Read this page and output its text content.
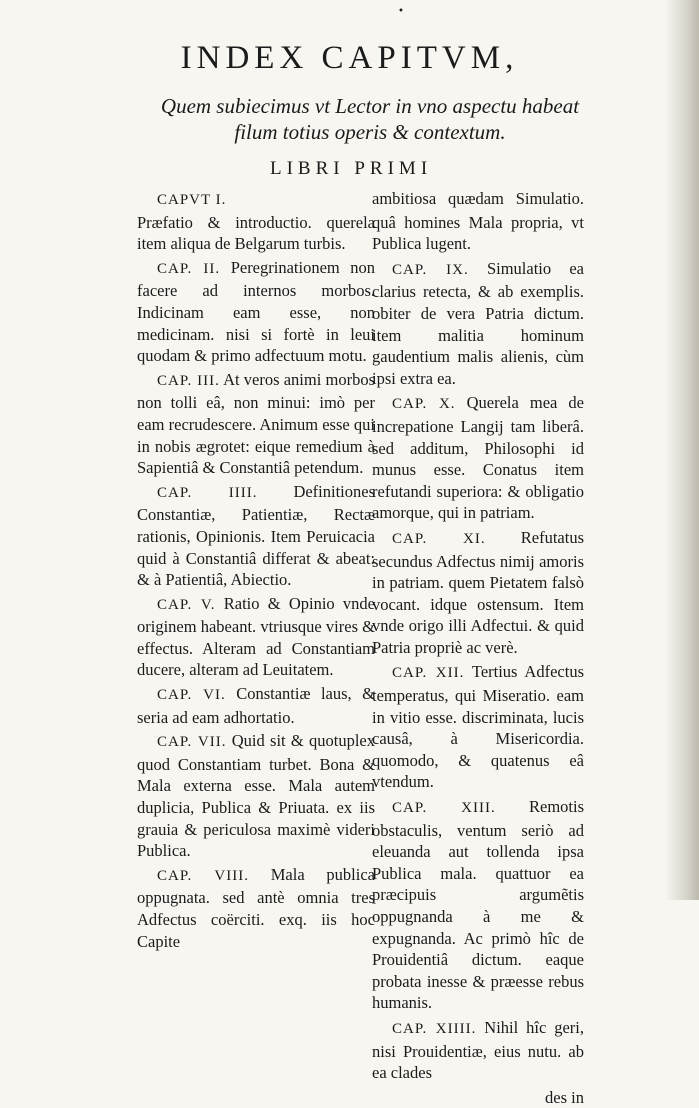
•
INDEX CAPITVM,
Quem subiecimus vt Lector in vno aspectu habeat filum totius operis & contextum.
LIBRI PRIMI

CAPVT I.
Præfatio & introductio. querela item aliqua de Belgarum turbis.

CAP. II. Peregrinationem non facere ad internos morbos. Indicinam eam esse, non medicinam. nisi si fortè in leui quodam & primo adfectuum motu.

CAP. III. At veros animi morbos non tolli eâ, non minui: imò per eam recrudescere. Animum esse qui in nobis ægrotet: eique remedium à Sapientiâ & Constantiâ petendum.

CAP. IIII. Definitiones Constantiæ, Patientiæ, Rectæ rationis, Opinionis. Item Peruicacia quid à Constantiâ differat & abeat: & à Patientiâ, Abiectio.

CAP. V. Ratio & Opinio vnde originem habeant. vtriusque vires & effectus. Alteram ad Constantiam ducere, alteram ad Leuitatem.

CAP. VI. Constantiæ laus, & seria ad eam adhortatio.

CAP. VII. Quid sit & quotuplex quod Constantiam turbet. Bona & Mala externa esse. Mala autem duplicia, Publica & Priuata. ex iis grauia & periculosa maximè videri Publica.

CAP. VIII. Mala publica oppugnata. sed antè omnia tres Adfectus coërciti. exq. iis hoc Capite

ambitiosa quædam Simulatio. quâ homines Mala propria, vt Publica lugent.

CAP. IX. Simulatio ea clarius retecta, & ab exemplis. obiter de vera Patria dictum. item malitia hominum gaudentium malis alienis, cùm ipsi extra ea.

CAP. X. Querela mea de increpatione Langij tam liberâ. sed additum, Philosophi id munus esse. Conatus item refutandi superiora: & obligatio amorque, qui in patriam.

CAP. XI. Refutatus secundus Adfectus nimij amoris in patriam. quem Pietatem falsò vocant. idque ostensum. Item vnde origo illi Adfectui. & quid Patria propriè ac verè.

CAP. XII. Tertius Adfectus temperatus, qui Miseratio. eam in vitio esse. discriminata, lucis causâ, à Misericordia. quomodo, & quatenus eâ vtendum.

CAP. XIII. Remotis obstaculis, ventum seriò ad eleuanda aut tollenda ipsa Publica mala. quattuor ea præcipuis argumẽtis oppugnanda à me & expugnanda. Ac primò hîc de Prouidentiâ dictum. eaque probata inesse & præesse rebus humanis.

CAP. XIIII. Nihil hîc geri, nisi Prouidentiæ, eius nutu. ab ea clades

des in
